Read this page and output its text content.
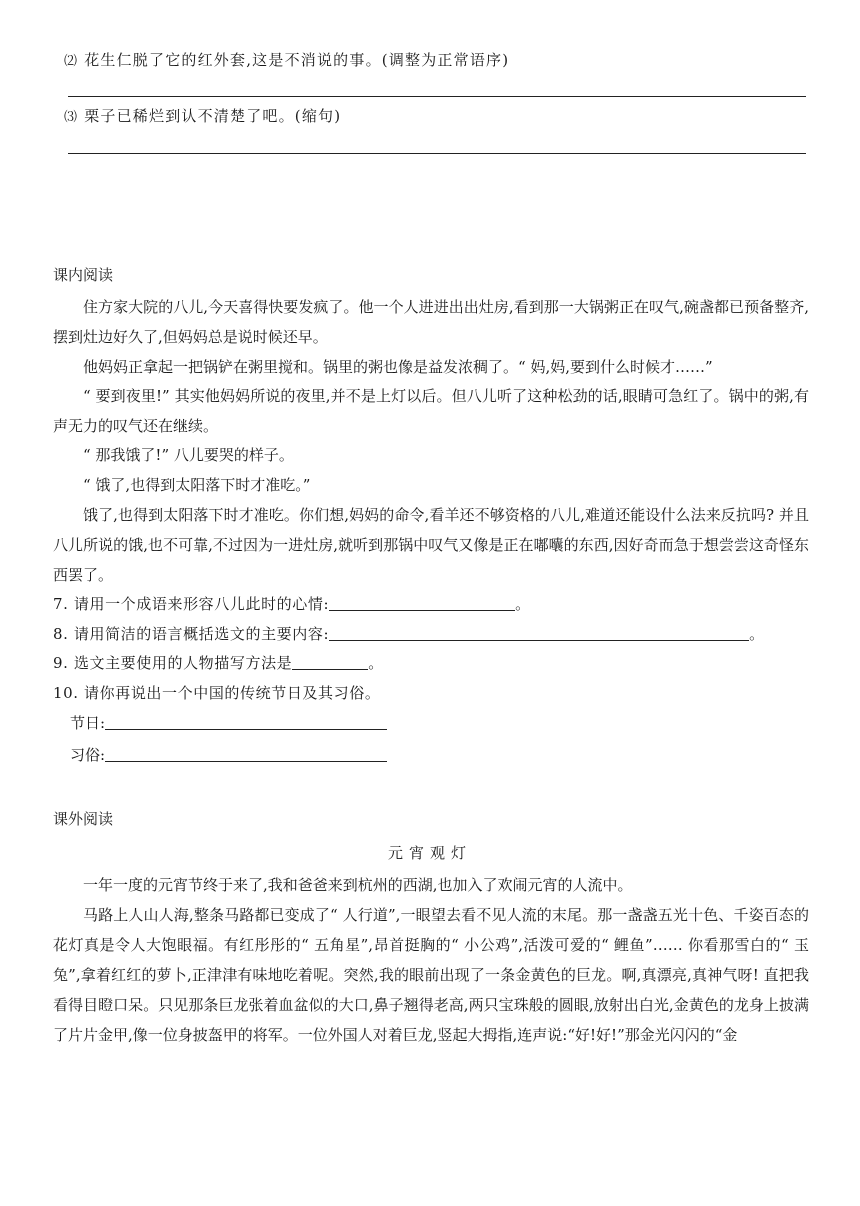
⑵ 花生仁脱了它的红外套,这是不消说的事。(调整为正常语序)
⑶ 栗子已稀烂到认不清楚了吧。(缩句)
课内阅读
住方家大院的八儿,今天喜得快要发疯了。他一个人进进出出灶房,看到那一大锅粥正在叹气,碗盏都已预备整齐,摆到灶边好久了,但妈妈总是说时候还早。
他妈妈正拿起一把锅铲在粥里搅和。锅里的粥也像是益发浓稠了。“ 妈,妈,要到什么时候才……”
“ 要到夜里!” 其实他妈妈所说的夜里,并不是上灯以后。但八儿听了这种松劲的话,眼睛可急红了。锅中的粥,有声无力的叹气还在继续。
“ 那我饿了!” 八儿要哭的样子。
“ 饿了,也得到太阳落下时才准吃。”
饿了,也得到太阳落下时才准吃。你们想,妈妈的命令,看羊还不够资格的八儿,难道还能设什么法来反抗吗? 并且八儿所说的饿,也不可靠,不过因为一进灶房,就听到那锅中叹气又像是正在嘟囔的东西,因好奇而急于想尝尝这奇怪东西罢了。
7. 请用一个成语来形容八儿此时的心情:	。
8. 请用简洁的语言概括选文的主要内容:	。
9. 选文主要使用的人物描写方法是	。
10. 请你再说出一个中国的传统节日及其习俗。
节日:
习俗:
课外阅读
元宵观灯
一年一度的元宵节终于来了,我和爸爸来到杭州的西湖,也加入了欢闹元宵的人流中。
马路上人山人海,整条马路都已变成了“ 人行道”,一眼望去看不见人流的末尾。那一盏盏五光十色、千姿百态的花灯真是令人大饱眼福。有红彤彤的“ 五角星”,昂首挺胸的“ 小公鸡”,活泼可爱的“ 鲤鱼”…… 你看那雪白的“ 玉兔”,拿着红红的萝卜,正津津有味地吃着呢。突然,我的眼前出现了一条金黄色的巨龙。啊,真漂亮,真神气呀! 直把我看得目瞪口呆。只见那条巨龙张着血盆似的大口,鼻子翘得老高,两只宝珠般的圆眼,放射出白光,金黄色的龙身上披满了片片金甲,像一位身披盔甲的将军。一位外国人对着巨龙,竖起大拇指,连声说:“好!好!”那金光闪闪的“金
